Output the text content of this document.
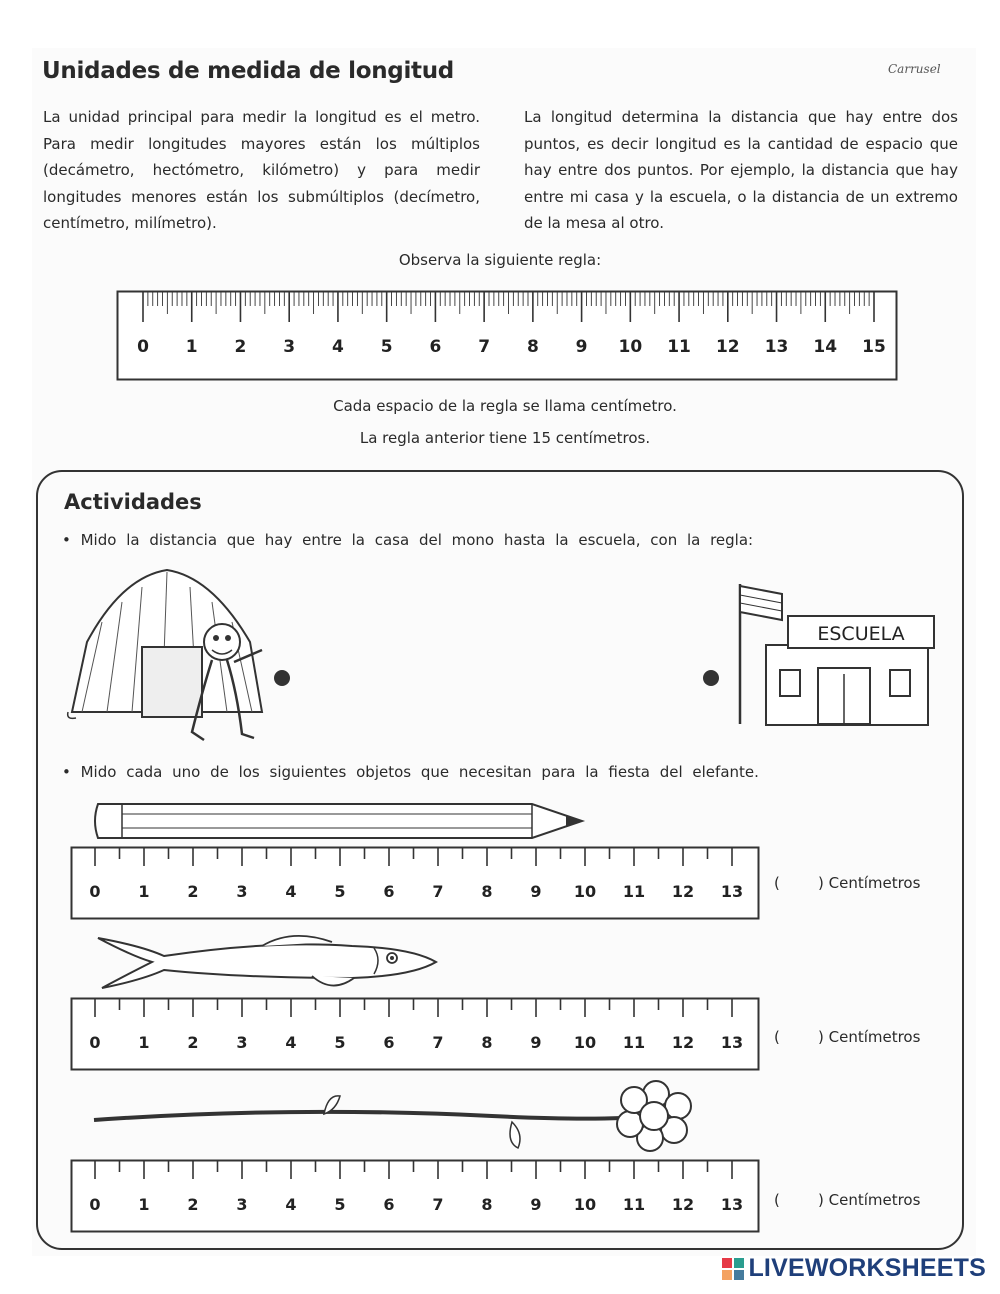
Unidades de medida de longitud	Carrusel
La unidad principal para medir la longitud es el metro. Para medir longitudes mayores están los múltiplos (decámetro, hectómetro, kilómetro) y para medir longitudes menores están los submúltiplos (decímetro, centímetro, milímetro).
La longitud determina la distancia que hay entre dos puntos, es decir longitud es la cantidad de espacio que hay entre dos puntos. Por ejemplo, la distancia que hay entre mi casa y la escuela, o la distancia de un extremo de la mesa al otro.
Observa la siguiente regla:
0 1 2 3 4 5 6 7 8 9 10 11 12 13 14 15
Cada espacio de la regla se llama centímetro.
La regla anterior tiene 15 centímetros.
Actividades
• Mido la distancia que hay entre la casa del mono hasta la escuela, con la regla:
ESCUELA
• Mido cada uno de los siguientes objetos que necesitan para la fiesta del elefante.
0 1 2 3 4 5 6 7 8 9 10 11 12 13 (	) Centímetros
0 1 2 3 4 5 6 7 8 9 10 11 12 13 (	) Centímetros
0 1 2 3 4 5 6 7 8 9 10 11 12 13 (	) Centímetros
LIVEWORKSHEETS
